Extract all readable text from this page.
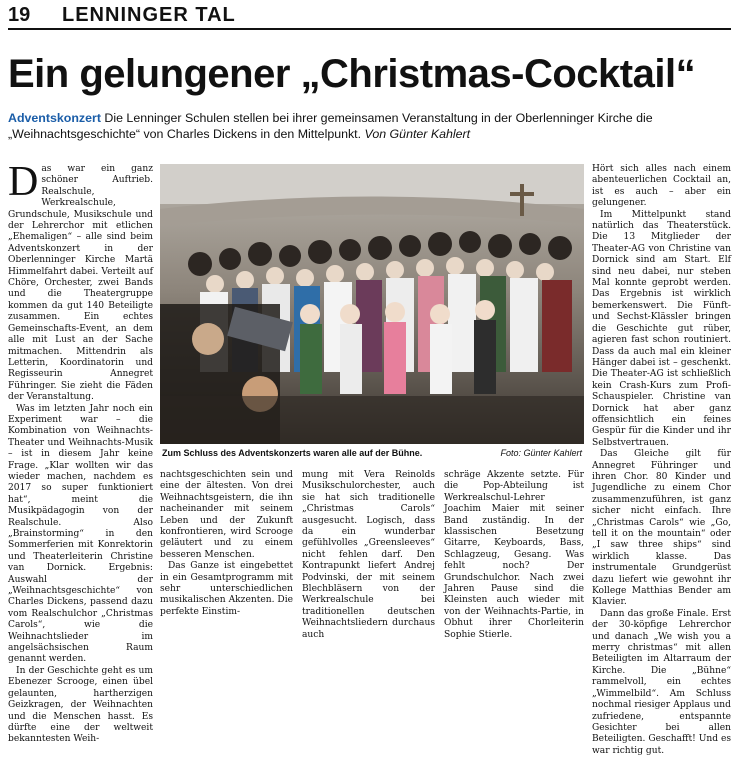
19 LENNINGER TAL
Ein gelungener „Christmas-Cocktail“
Adventskonzert Die Lenninger Schulen stellen bei ihrer gemeinsamen Veranstaltung in der Oberlenninger Kirche die „Weihnachtsgeschichte“ von Charles Dickens in den Mittelpunkt. Von Günter Kahlert
D as war ein ganz schöner Auftrieb. Realschule, Werkrealschule, Grundschule, Musikschule und der Lehrerchor mit etlichen „Ehemaligen“ – alle sind beim Adventskonzert in der Oberlenninger Kirche Martä Himmelfahrt dabei. Verteilt auf Chöre, Orchester, zwei Bands und die Theatergruppe kommen da gut 140 Beteiligte zusammen. Ein echtes Gemeinschafts-Event, an dem alle mit Lust an der Sache mitmachen. Mittendrin als Letterin, Koordinatorin und Regisseurin Annegret Führinger. Sie zieht die Fäden der Veranstaltung.

Was im letzten Jahr noch ein Experiment war – die Kombination von Weihnachts-Theater und Weihnachts-Musik – ist in diesem Jahr keine Frage. „Klar wollten wir das wieder machen, nachdem es 2017 so super funktioniert hat“, meint die Musikpädagogin von der Realschule. Also „Brainstorming“ in den Sommerferien mit Konrektorin und Theaterleiterin Christine van Dornick. Ergebnis: Auswahl der „Weihnachtsgeschichte“ von Charles Dickens, passend dazu vom Realschulchor „Christmas Carols“, wie die Weihnachtslieder im angelsächsischen Raum genannt werden.

In der Geschichte geht es um Ebenezer Scrooge, einen übel gelaunten, hartherzigen Geizkragen, der Weihnachten und die Menschen hasst. Es dürfte eine der weltweit bekanntesten Weih-

Zum Schluss des Adventskonzerts waren alle auf der Bühne.	Foto: Günter Kahlert

nachtsgeschichten sein und eine der ältesten. Von drei Weihnachtsgeistern, die ihn nacheinander mit seinem Leben und der Zukunft konfrontieren, wird Scrooge geläutert und zu einem besseren Menschen.

Das Ganze ist eingebettet in ein Gesamtprogramm mit sehr unterschiedlichen musikalischen Akzenten. Die perfekte Einstim-

mung mit Vera Reinolds Musikschulorchester, auch sie hat sich traditionelle „Christmas Carols“ ausgesucht. Logisch, dass da ein wunderbar gefühlvolles „Greensleeves“ nicht fehlen darf. Den Kontrapunkt liefert Andrej Podvinski, der mit seinem Blechbläsern von der Werkrealschule bei traditionellen deutschen Weihnachtsliedern durchaus auch

schräge Akzente setzte. Für die Pop-Abteilung ist Werkrealschul-Lehrer Joachim Maier mit seiner Band zuständig. In der klassischen Besetzung Gitarre, Keyboards, Bass, Schlagzeug, Gesang. Was fehlt noch? Der Grundschulchor. Nach zwei Jahren Pause sind die Kleinsten auch wieder mit von der Weihnachts-Partie, in Obhut ihrer Chorleiterin Sophie Stierle.

Hört sich alles nach einem abenteuerlichen Cocktail an, ist es auch – aber ein gelungener.

Im Mittelpunkt stand natürlich das Theaterstück. Die 13 Mitglieder der Theater-AG von Christine van Dornick sind am Start. Elf sind neu dabei, nur steben Mal konnte geprobt werden. Das Ergebnis ist wirklich bemerkenswert. Die Fünft- und Sechst-Klässler bringen die Geschichte gut rüber, agieren fast schon routiniert. Dass da auch mal ein kleiner Hänger dabei ist – geschenkt. Die Theater-AG ist schließlich kein Crash-Kurs zum Profi-Schauspieler. Christine van Dornick hat aber ganz offensichtlich ein feines Gespür für die Kinder und ihr Selbstvertrauen.

Das Gleiche gilt für Annegret Führinger und ihren Chor. 80 Kinder und Jugendliche zu einem Chor zusammenzuführen, ist ganz sicher nicht einfach. Ihre „Christmas Carols“ wie „Go, tell it on the mountain“ oder „I saw three ships“ sind wirklich klasse. Das instrumentale Grundgerüst dazu liefert wie gewohnt ihr Kollege Matthias Bender am Klavier.

Dann das große Finale. Erst der 30-köpfige Lehrerchor und danach „We wish you a merry christmas“ mit allen Beteiligten im Altarraum der Kirche. Die „Bühne“ rammelvoll, ein echtes „Wimmelbild“. Am Schluss nochmal riesiger Applaus und zufriedene, entspannte Gesichter bei allen Beteiligten. Geschafft! Und es war richtig gut.
